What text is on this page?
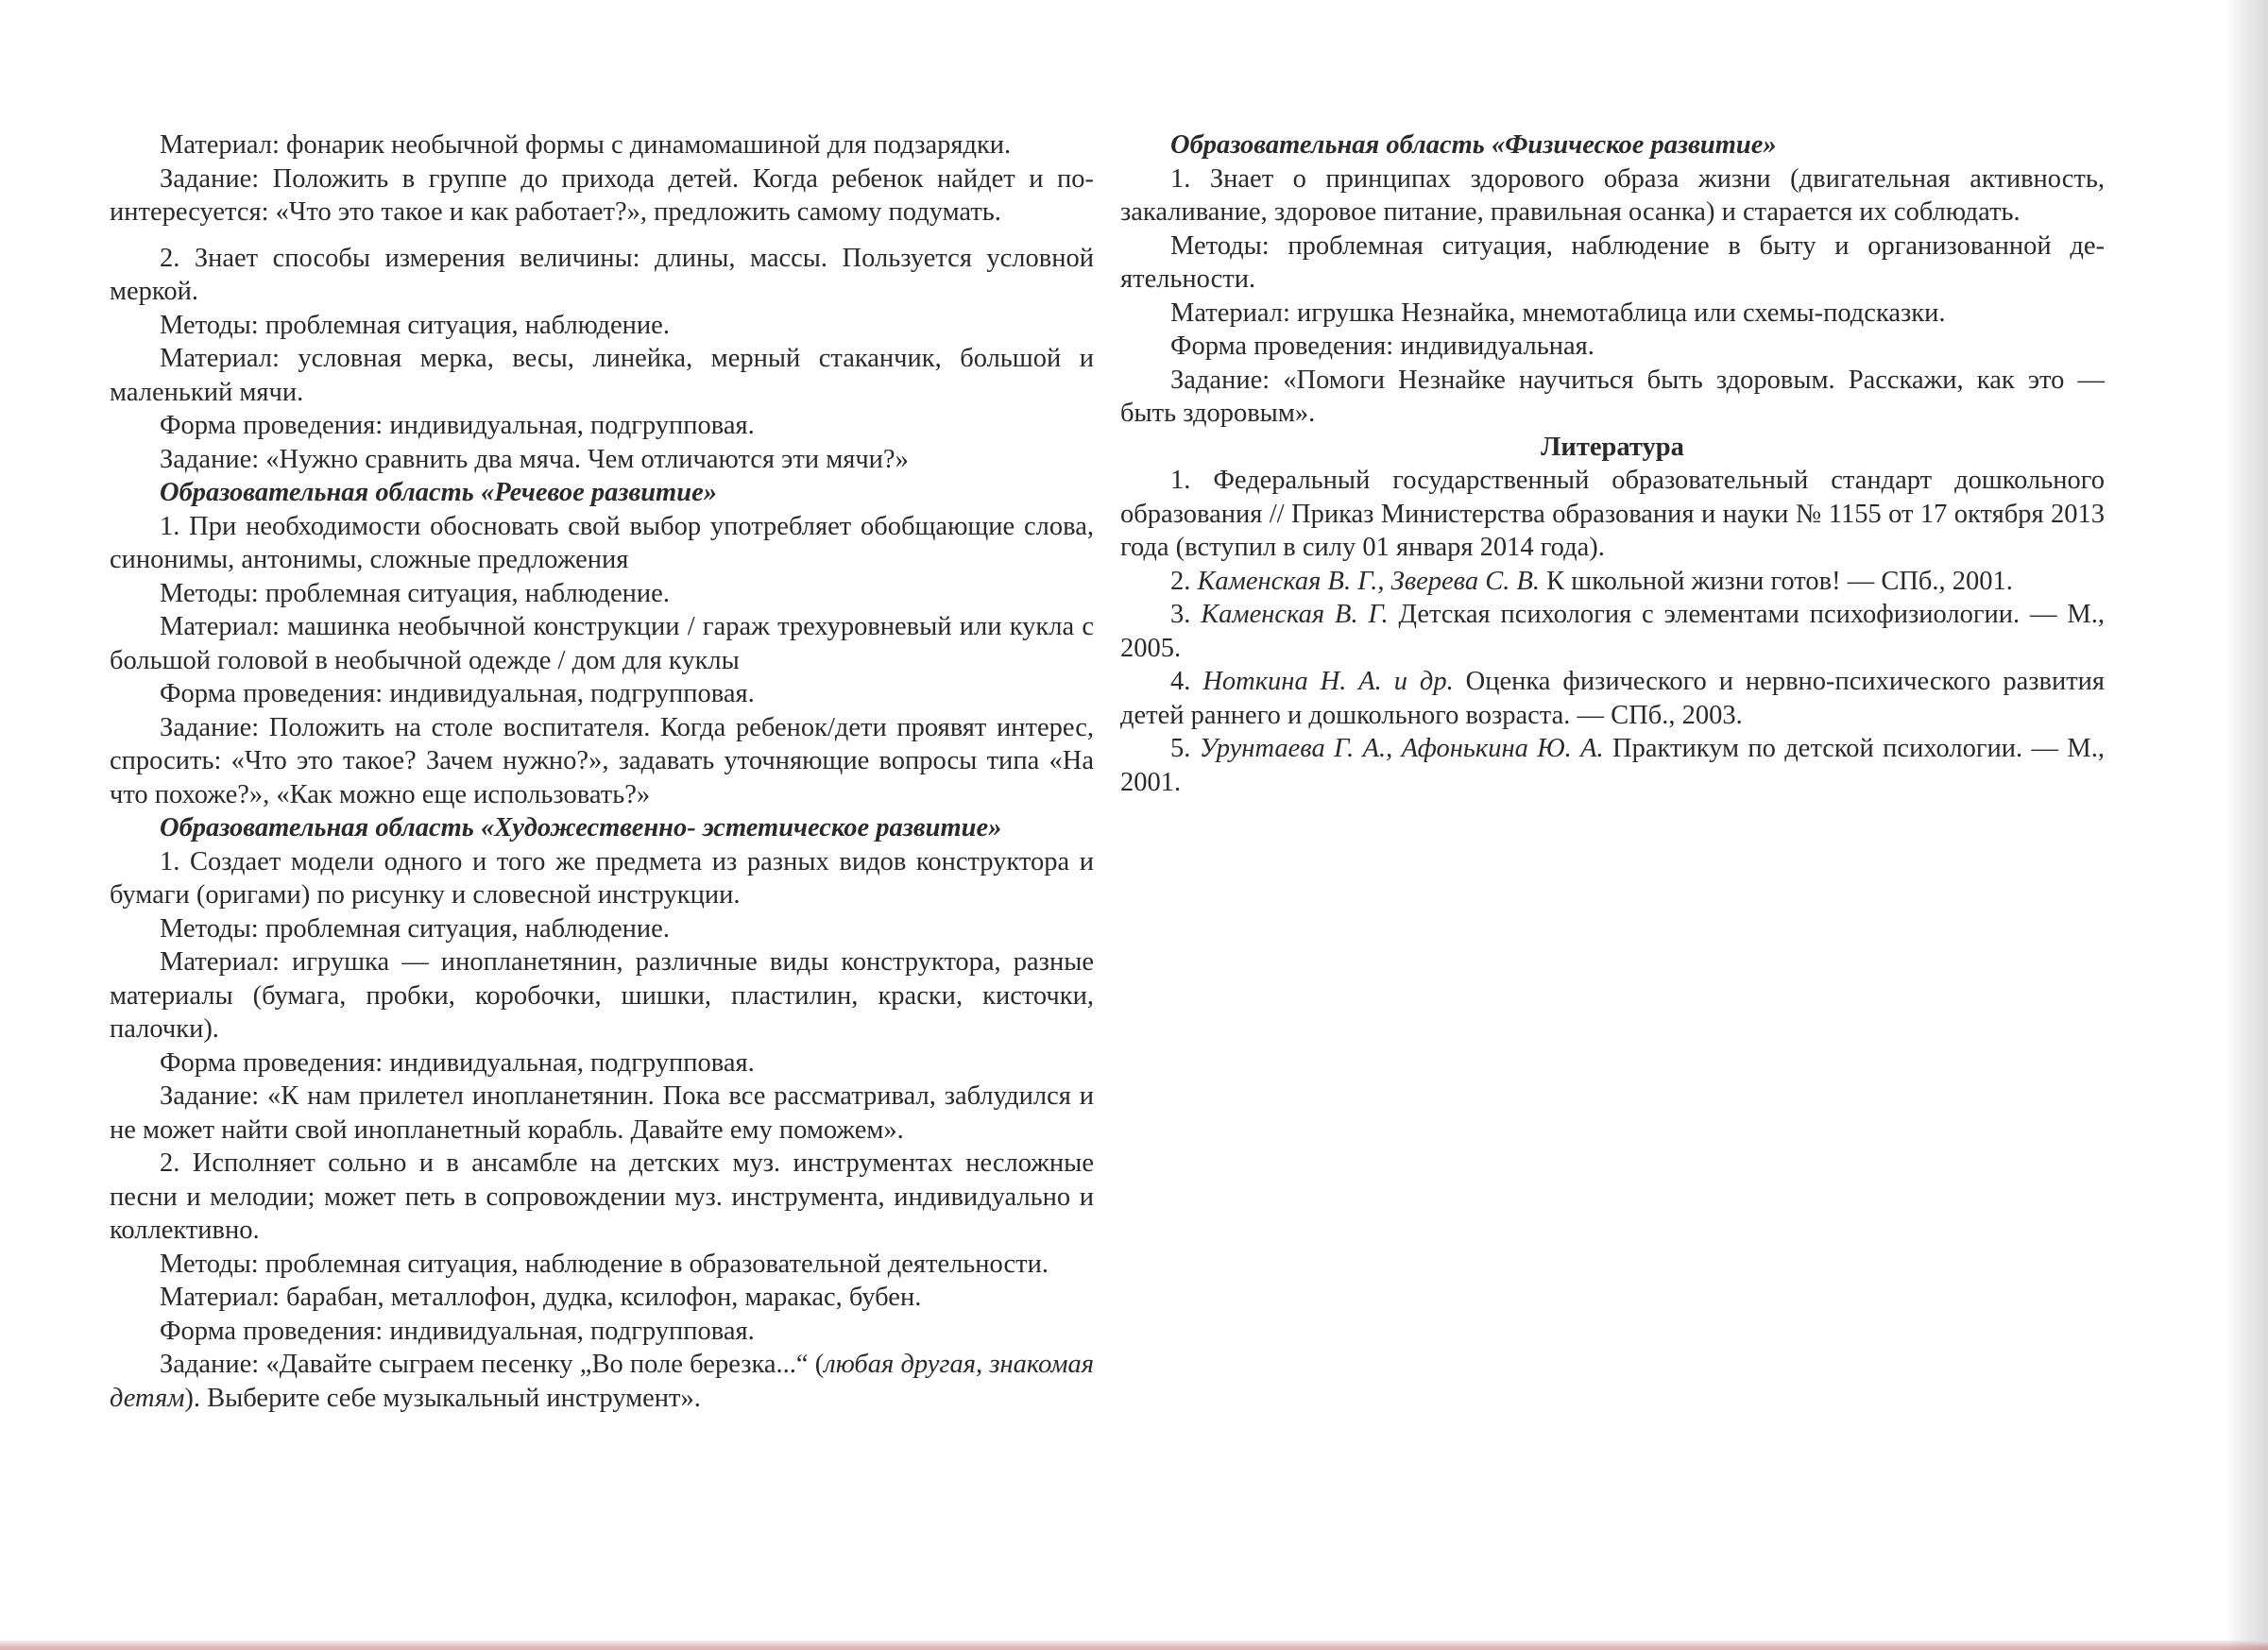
Материал: фонарик необычной формы с динамомашиной для подзарядки.

Задание: Положить в группе до прихода детей. Когда ребенок найдет и поинтересуется: «Что это такое и как работает?», предложить самому подумать.

2. Знает способы измерения величины: длины, массы. Пользуется условной меркой.

Методы: проблемная ситуация, наблюдение.

Материал: условная мерка, весы, линейка, мерный стаканчик, большой и маленький мячи.

Форма проведения: индивидуальная, подгрупповая.

Задание: «Нужно сравнить два мяча. Чем отличаются эти мячи?»

Образовательная область «Речевое развитие»

1. При необходимости обосновать свой выбор употребляет обобщающие слова, синонимы, антонимы, сложные предложения

Методы: проблемная ситуация, наблюдение.

Материал: машинка необычной конструкции / гараж трехуровневый или кукла с большой головой в необычной одежде / дом для куклы

Форма проведения: индивидуальная, подгрупповая.

Задание: Положить на столе воспитателя. Когда ребенок/дети проявят интерес, спросить: «Что это такое? Зачем нужно?», задавать уточняющие вопросы типа «На что похоже?», «Как можно еще использовать?»

Образовательная область «Художественно- эстетическое развитие»

1. Создает модели одного и того же предмета из разных видов конструктора и бумаги (оригами) по рисунку и словесной инструкции.

Методы: проблемная ситуация, наблюдение.

Материал: игрушка — инопланетянин, различные виды конструктора, разные материалы (бумага, пробки, коробочки, шишки, пластилин, краски, кисточки, палочки).

Форма проведения: индивидуальная, подгрупповая.

Задание: «К нам прилетел инопланетянин. Пока все рассматривал, заблудился и не может найти свой инопланетный корабль. Давайте ему поможем».

2. Исполняет сольно и в ансамбле на детских муз. инструментах несложные песни и мелодии; может петь в сопровождении муз. инструмента, индивидуально и коллективно.

Методы: проблемная ситуация, наблюдение в образовательной деятельности.

Материал: барабан, металлофон, дудка, ксилофон, маракас, бубен.

Форма проведения: индивидуальная, подгрупповая.

Задание: «Давайте сыграем песенку „Во поле березка...“ (любая другая, знакомая детям). Выберите себе музыкальный инструмент».

Образовательная область «Физическое развитие»

1. Знает о принципах здорового образа жизни (двигательная активность, закаливание, здоровое питание, правильная осанка) и старается их соблюдать.

Методы: проблемная ситуация, наблюдение в быту и организованной деятельности.

Материал: игрушка Незнайка, мнемотаблица или схемы-подсказки.

Форма проведения: индивидуальная.

Задание: «Помоги Незнайке научиться быть здоровым. Расскажи, как это — быть здоровым».

Литература

1. Федеральный государственный образовательный стандарт дошкольного образования // Приказ Министерства образования и науки № 1155 от 17 октября 2013 года (вступил в силу 01 января 2014 года).

2. Каменская В. Г., Зверева С. В. К школьной жизни готов! — СПб., 2001.

3. Каменская В. Г. Детская психология с элементами психофизиологии. — М., 2005.

4. Ноткина Н. А. и др. Оценка физического и нервно-психического развития детей раннего и дошкольного возраста. — СПб., 2003.

5. Урунтаева Г. А., Афонькина Ю. А. Практикум по детской психологии. — М., 2001.
